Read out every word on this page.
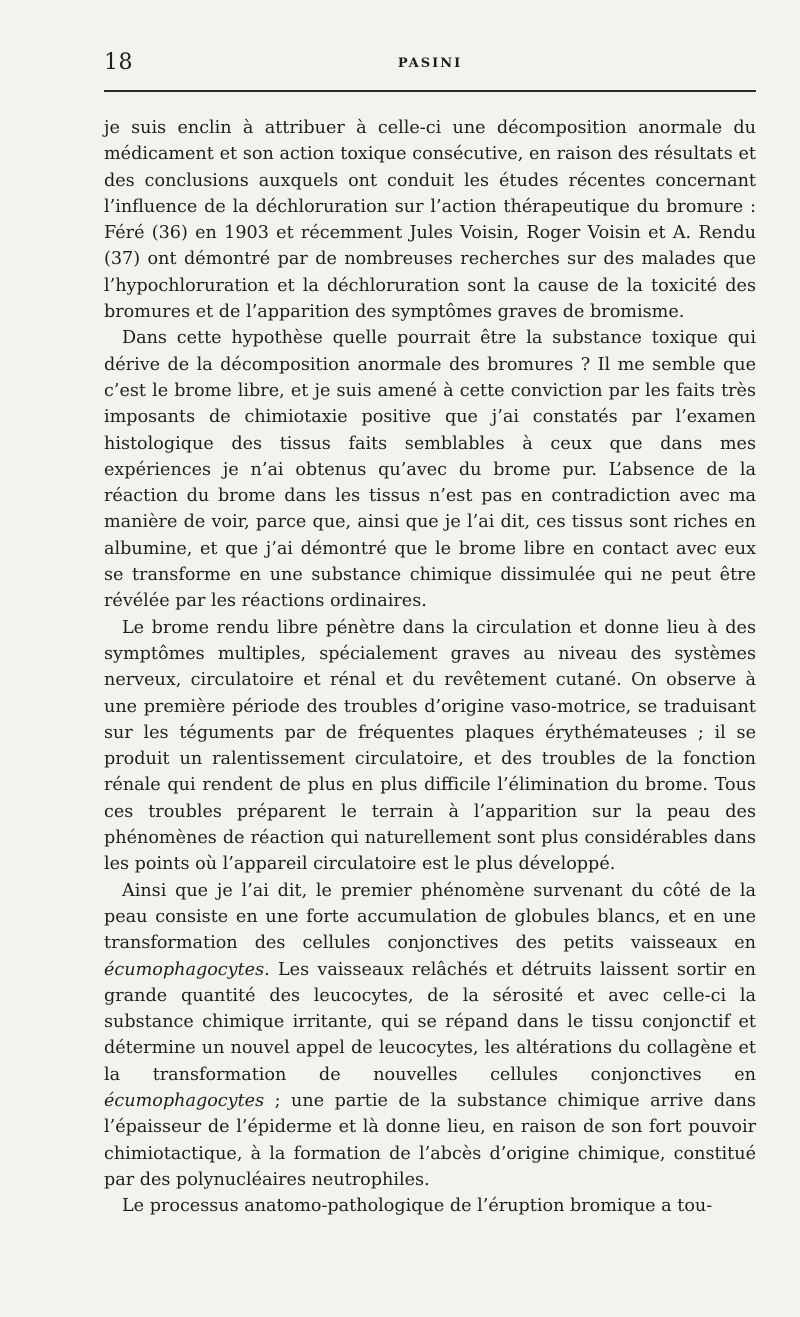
18	PASINI

je suis enclin à attribuer à celle-ci une décomposition anormale du médicament et son action toxique consécutive, en raison des résultats et des conclusions auxquels ont conduit les études récentes concernant l’influence de la déchloruration sur l’action thérapeutique du bromure : Féré (36) en 1903 et récemment Jules Voisin, Roger Voisin et A. Rendu (37) ont démontré par de nombreuses recherches sur des malades que l’hypochloruration et la déchloruration sont la cause de la toxicité des bromures et de l’apparition des symptômes graves de bromisme.

Dans cette hypothèse quelle pourrait être la substance toxique qui dérive de la décomposition anormale des bromures ? Il me semble que c’est le brome libre, et je suis amené à cette conviction par les faits très imposants de chimiotaxie positive que j’ai constatés par l’examen histologique des tissus faits semblables à ceux que dans mes expériences je n’ai obtenus qu’avec du brome pur. L’absence de la réaction du brome dans les tissus n’est pas en contradiction avec ma manière de voir, parce que, ainsi que je l’ai dit, ces tissus sont riches en albumine, et que j’ai démontré que le brome libre en contact avec eux se transforme en une substance chimique dissimulée qui ne peut être révélée par les réactions ordinaires.

Le brome rendu libre pénètre dans la circulation et donne lieu à des symptômes multiples, spécialement graves au niveau des systèmes nerveux, circulatoire et rénal et du revêtement cutané. On observe à une première période des troubles d’origine vaso-motrice, se traduisant sur les téguments par de fréquentes plaques érythémateuses ; il se produit un ralentissement circulatoire, et des troubles de la fonction rénale qui rendent de plus en plus difficile l’élimination du brome. Tous ces troubles préparent le terrain à l’apparition sur la peau des phénomènes de réaction qui naturellement sont plus considérables dans les points où l’appareil circulatoire est le plus développé.

Ainsi que je l’ai dit, le premier phénomène survenant du côté de la peau consiste en une forte accumulation de globules blancs, et en une transformation des cellules conjonctives des petits vaisseaux en écumophagocytes. Les vaisseaux relâchés et détruits laissent sortir en grande quantité des leucocytes, de la sérosité et avec celle-ci la substance chimique irritante, qui se répand dans le tissu conjonctif et détermine un nouvel appel de leucocytes, les altérations du collagène et la transformation de nouvelles cellules conjonctives en écumophagocytes ; une partie de la substance chimique arrive dans l’épaisseur de l’épiderme et là donne lieu, en raison de son fort pouvoir chimiotactique, à la formation de l’abcès d’origine chimique, constitué par des polynucléaires neutrophiles.

Le processus anatomo-pathologique de l’éruption bromique a tou-
